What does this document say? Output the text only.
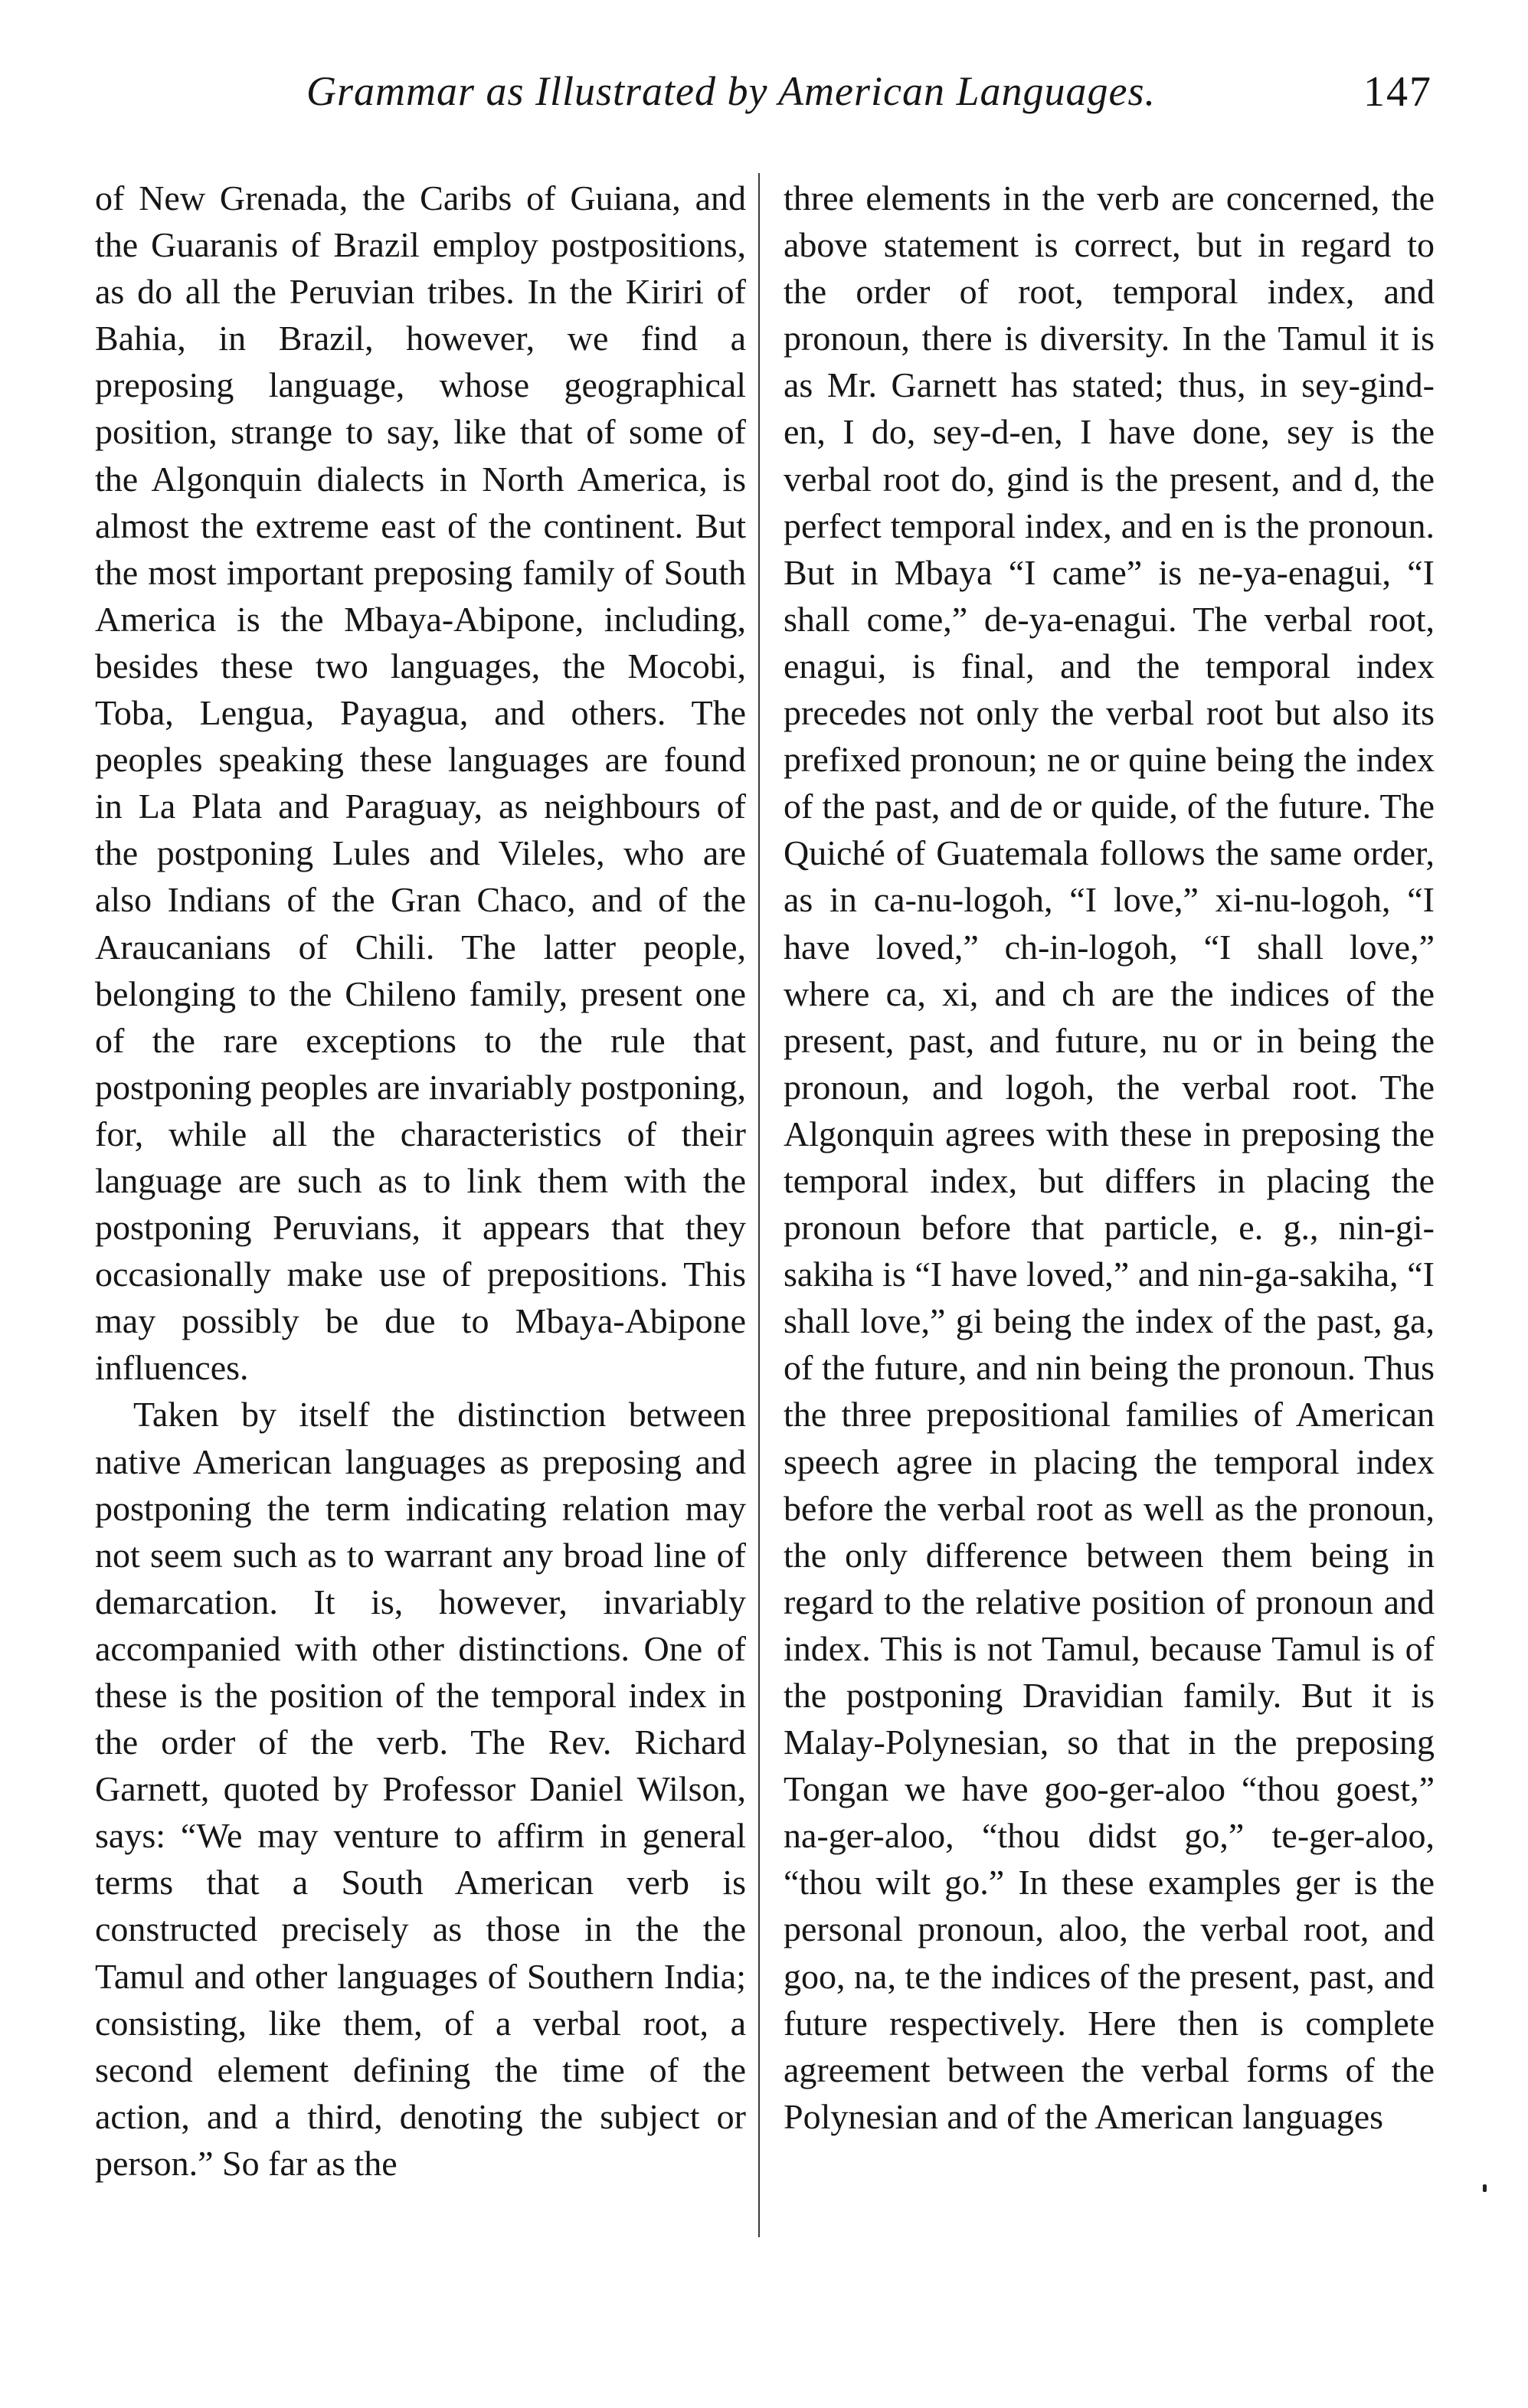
Grammar as Illustrated by American Languages.	147

of New Grenada, the Caribs of Guiana, and the Guaranis of Brazil employ postpositions, as do all the Peruvian tribes. In the Kiriri of Bahia, in Brazil, however, we find a preposing language, whose geographical position, strange to say, like that of some of the Algonquin dialects in North America, is almost the extreme east of the continent. But the most important preposing family of South America is the Mbaya-Abipone, including, besides these two languages, the Mocobi, Toba, Lengua, Payagua, and others. The peoples speaking these languages are found in La Plata and Paraguay, as neighbours of the postponing Lules and Vileles, who are also Indians of the Gran Chaco, and of the Araucanians of Chili. The latter people, belonging to the Chileno family, present one of the rare exceptions to the rule that postponing peoples are invariably postponing, for, while all the characteristics of their language are such as to link them with the postponing Peruvians, it appears that they occasionally make use of prepositions. This may possibly be due to Mbaya-Abipone influences.

Taken by itself the distinction between native American languages as preposing and postponing the term indicating relation may not seem such as to warrant any broad line of demarcation. It is, however, invariably accompanied with other distinctions. One of these is the position of the temporal index in the order of the verb. The Rev. Richard Garnett, quoted by Professor Daniel Wilson, says: “We may venture to affirm in general terms that a South American verb is constructed precisely as those in the the Tamul and other languages of Southern India; consisting, like them, of a verbal root, a second element defining the time of the action, and a third, denoting the subject or person.” So far as the

three elements in the verb are concerned, the above statement is correct, but in regard to the order of root, temporal index, and pronoun, there is diversity. In the Tamul it is as Mr. Garnett has stated; thus, in sey-gind-en, I do, sey-d-en, I have done, sey is the verbal root do, gind is the present, and d, the perfect temporal index, and en is the pronoun. But in Mbaya “I came” is ne-ya-enagui, “I shall come,” de-ya-enagui. The verbal root, enagui, is final, and the temporal index precedes not only the verbal root but also its prefixed pronoun; ne or quine being the index of the past, and de or quide, of the future. The Quiché of Guatemala follows the same order, as in ca-nu-logoh, “I love,” xi-nu-logoh, “I have loved,” ch-in-logoh, “I shall love,” where ca, xi, and ch are the indices of the present, past, and future, nu or in being the pronoun, and logoh, the verbal root. The Algonquin agrees with these in preposing the temporal index, but differs in placing the pronoun before that particle, e. g., nin-gi-sakiha is “I have loved,” and nin-ga-sakiha, “I shall love,” gi being the index of the past, ga, of the future, and nin being the pronoun. Thus the three prepositional families of American speech agree in placing the temporal index before the verbal root as well as the pronoun, the only difference between them being in regard to the relative position of pronoun and index. This is not Tamul, because Tamul is of the postponing Dravidian family. But it is Malay-Polynesian, so that in the preposing Tongan we have goo-ger-aloo “thou goest,” na-ger-aloo, “thou didst go,” te-ger-aloo, “thou wilt go.” In these examples ger is the personal pronoun, aloo, the verbal root, and goo, na, te the indices of the present, past, and future respectively. Here then is complete agreement between the verbal forms of the Polynesian and of the American languages
